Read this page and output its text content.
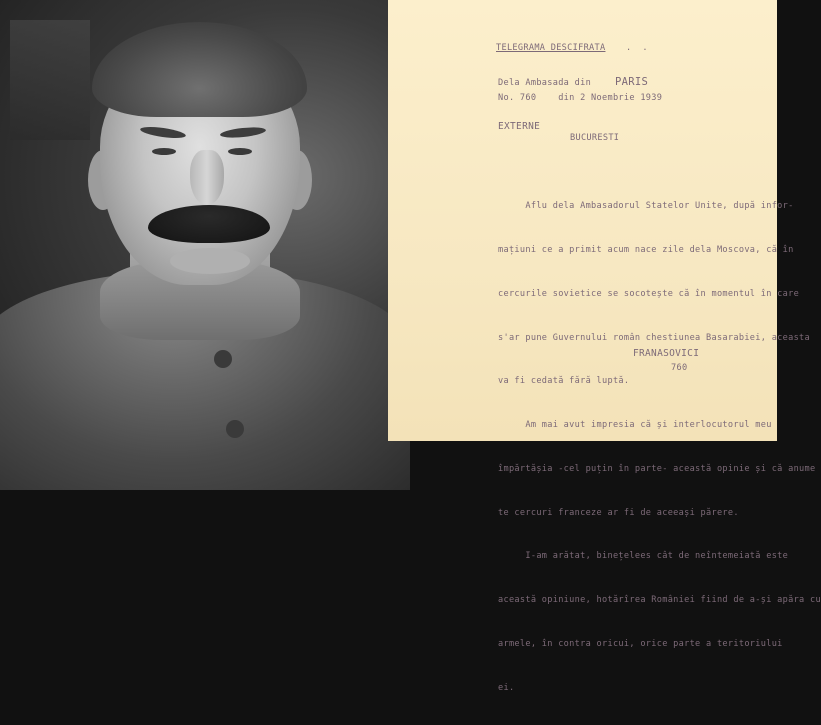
TELEGRAMA DESCIFRATA .  .
Dela Ambasada din PARIS
No. 760    din 2 Noembrie 1939
EXTERNE
BUCURESTI

Aflu dela Ambasadorul Statelor Unite, după infor-

mațiuni ce a primit acum nace zile dela Moscova, că în

cercurile sovietice se socotește că în momentul în care

s'ar pune Guvernului român chestiunea Basarabiei, aceasta

va fi cedată fără luptă.

Am mai avut impresia că și interlocutorul meu

împărtășia -cel puțin în parte- această opinie și că anume

te cercuri franceze ar fi de aceeași părere.

I-am arătat, binețelees cât de neîntemeiată este

această opiniune, hotărîrea României fiind de a-și apăra cu

armele, în contra oricui, orice parte a teritoriului

ei.

FRANASOVICI
760
